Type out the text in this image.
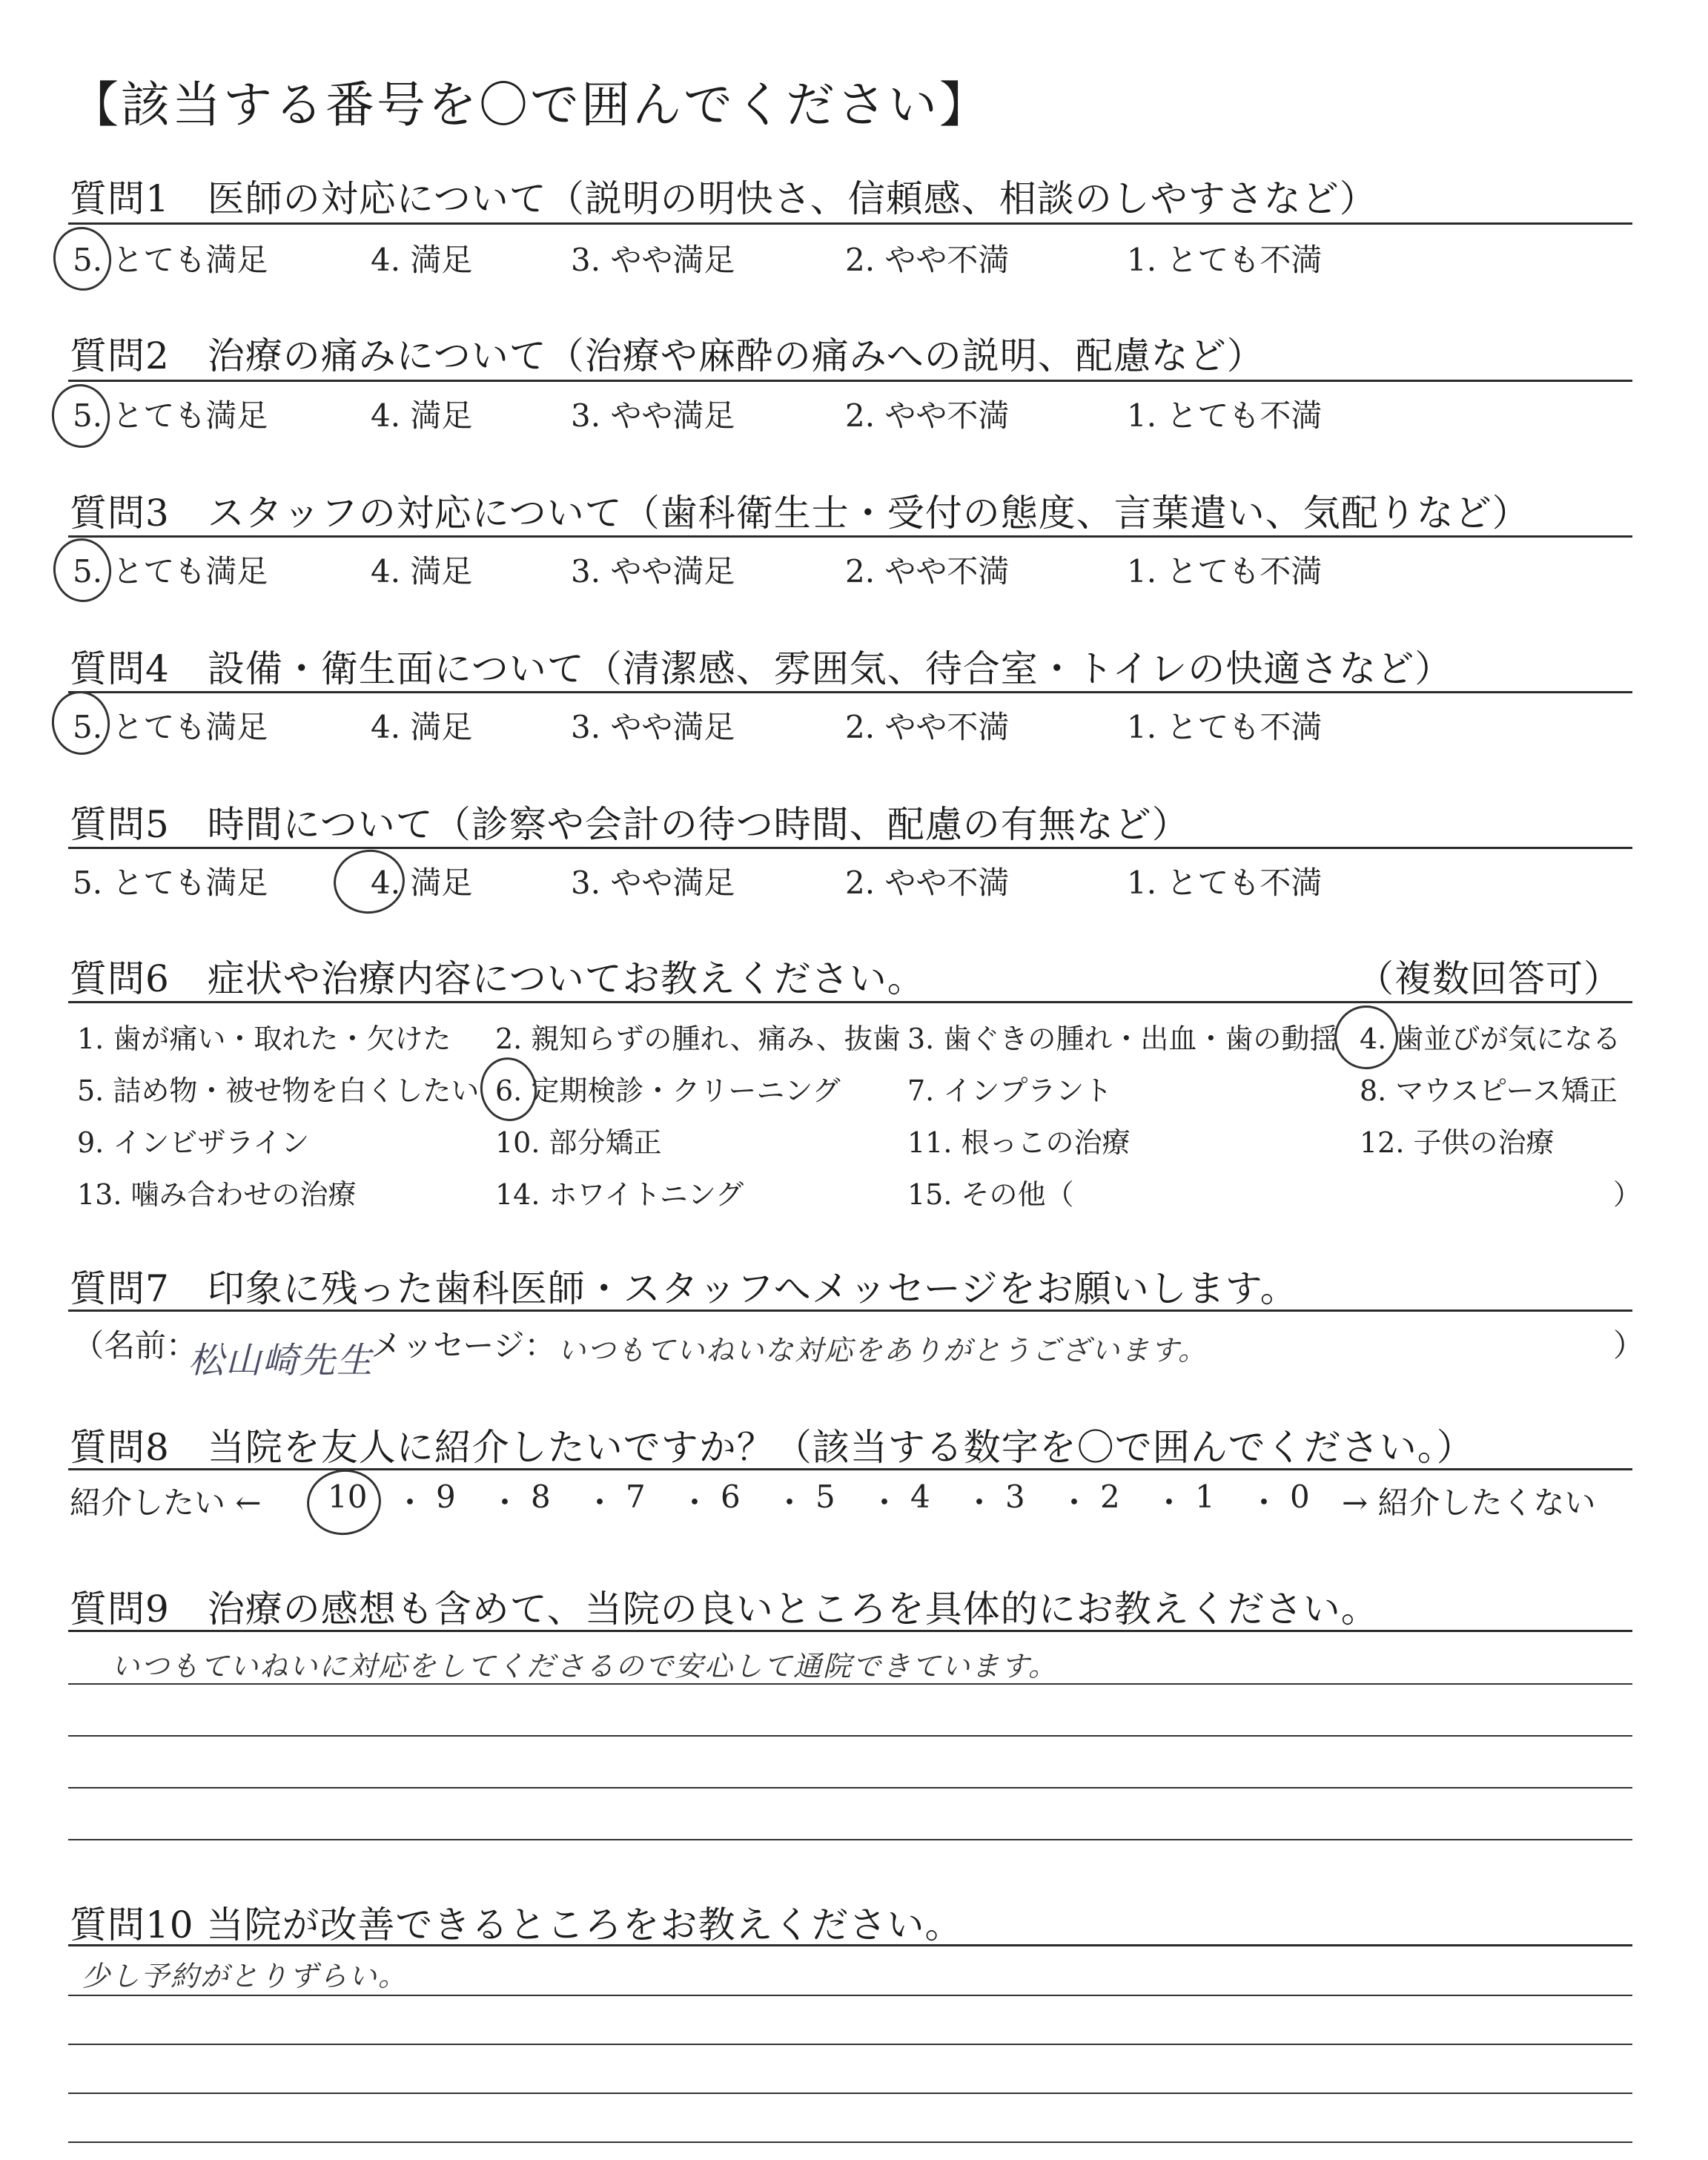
【該当する番号を〇で囲んでください】
質問1　医師の対応について（説明の明快さ、信頼感、相談のしやすさなど）
5. とても満足	4. 満足	3. やや満足	2. やや不満	1. とても不満
質問2　治療の痛みについて（治療や麻酔の痛みへの説明、配慮など）
5. とても満足	4. 満足	3. やや満足	2. やや不満	1. とても不満
質問3　スタッフの対応について（歯科衛生士・受付の態度、言葉遣い、気配りなど）
5. とても満足	4. 満足	3. やや満足	2. やや不満	1. とても不満
質問4　設備・衛生面について（清潔感、雰囲気、待合室・トイレの快適さなど）
5. とても満足	4. 満足	3. やや満足	2. やや不満	1. とても不満
質問5　時間について（診察や会計の待つ時間、配慮の有無など）
5. とても満足	4. 満足	3. やや満足	2. やや不満	1. とても不満
質問6　症状や治療内容についてお教えください。	（複数回答可）
1. 歯が痛い・取れた・欠けた 2. 親知らずの腫れ、痛み、抜歯 3. 歯ぐきの腫れ・出血・歯の動揺 4. 歯並びが気になる
5. 詰め物・被せ物を白くしたい 6. 定期検診・クリーニング 7. インプラント	8. マウスピース矯正
9. インビザライン	10. 部分矯正	11. 根っこの治療	12. 子供の治療
13. 噛み合わせの治療	14. ホワイトニング	15. その他（	）
質問7　印象に残った歯科医師・スタッフへメッセージをお願いします。
（名前：
松山崎先生
メッセージ： いつもていねいな対応をありがとうございます。	）
質問8　当院を友人に紹介したいですか？（該当する数字を〇で囲んでください。）
紹介したい ← 10 ・ 9 ・ 8 ・ 7 ・ 6 ・ 5 ・ 4 ・ 3 ・ 2 ・ 1 ・ 0 → 紹介したくない
質問9　治療の感想も含めて、当院の良いところを具体的にお教えください。
いつもていねいに対応をしてくださるので安心して通院できています。
質問10 当院が改善できるところをお教えください。
少し予約がとりずらい。
